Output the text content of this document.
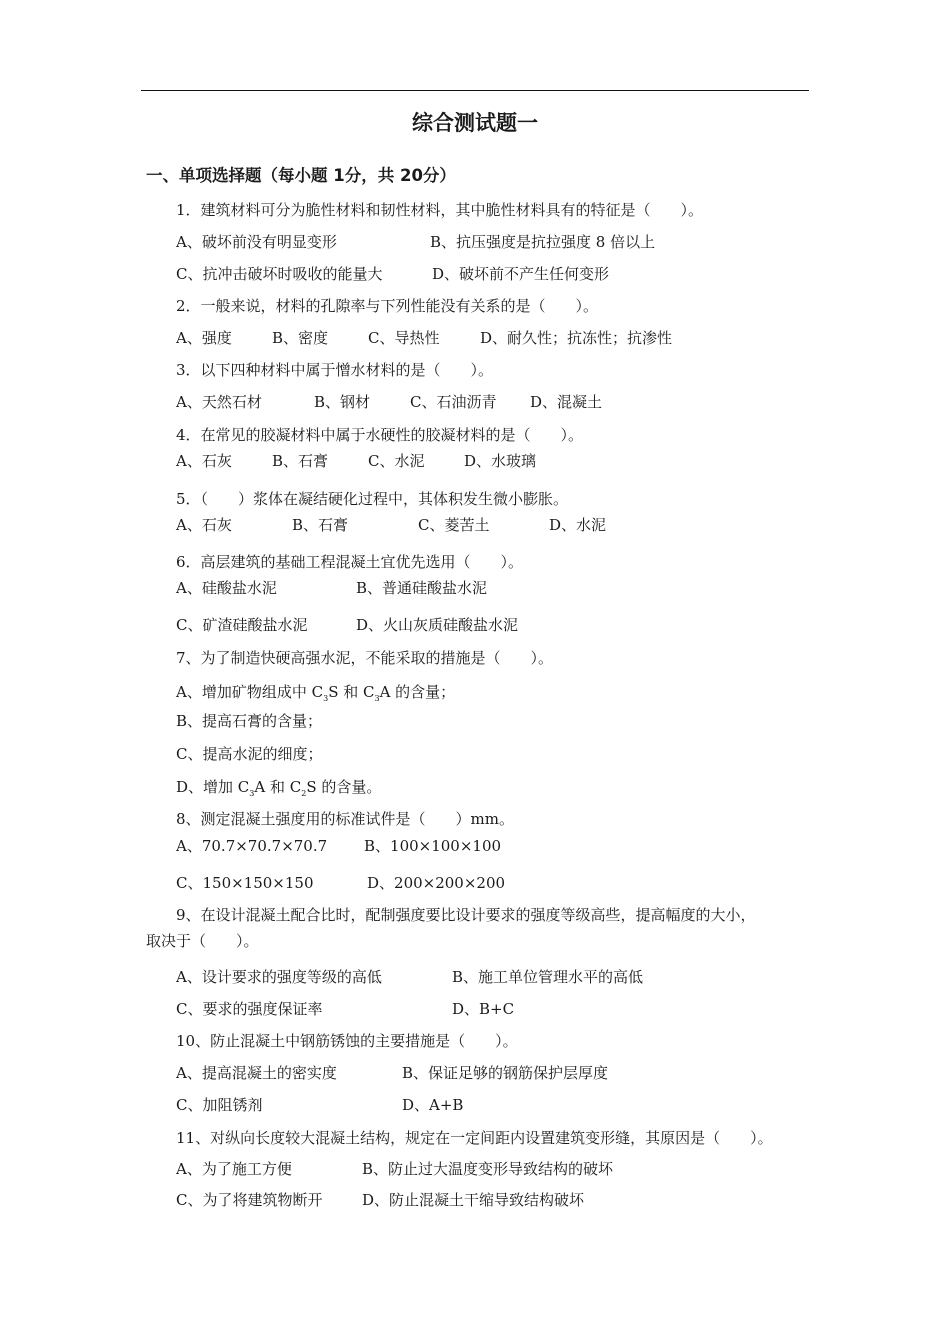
综合测试题一
一、单项选择题（每小题 1分，共 20分）
1．建筑材料可分为脆性材料和韧性材料，其中脆性材料具有的特征是（　　）。
A、破坏前没有明显变形	B、抗压强度是抗拉强度 8 倍以上
C、抗冲击破坏时吸收的能量大	D、破坏前不产生任何变形
2．一般来说，材料的孔隙率与下列性能没有关系的是（　　）。
A、强度	B、密度	C、导热性	D、耐久性；抗冻性；抗渗性
3．以下四种材料中属于憎水材料的是（　　）。
A、天然石材	B、钢材	C、石油沥青 D、混凝土
4．在常见的胶凝材料中属于水硬性的胶凝材料的是（　　）。
A、石灰	B、石膏	C、水泥	D、水玻璃
5．（　　）浆体在凝结硬化过程中，其体积发生微小膨胀。
A、石灰	B、石膏	C、菱苦土	D、水泥
6．高层建筑的基础工程混凝土宜优先选用（　　）。
A、硅酸盐水泥	B、普通硅酸盐水泥
C、矿渣硅酸盐水泥	D、火山灰质硅酸盐水泥
7、为了制造快硬高强水泥，不能采取的措施是（　　）。
A、增加矿物组成中 $C_3S$ 和 $C_3A$ 的含量；
B、提高石膏的含量；
C、提高水泥的细度；
D、增加 $C_3A$ 和 $C_2S$ 的含量。
8、测定混凝土强度用的标准试件是（　　）mm。
A、70.7×70.7×70.7 B、100×100×100
C、150×150×150	D、200×200×200
9、在设计混凝土配合比时，配制强度要比设计要求的强度等级高些，提高幅度的大小，
取决于（　　）。
A、设计要求的强度等级的高低	B、施工单位管理水平的高低
C、要求的强度保证率	D、B+C
10、防止混凝土中钢筋锈蚀的主要措施是（　　）。
A、提高混凝土的密实度	B、保证足够的钢筋保护层厚度
C、加阻锈剂	D、A+B
11、对纵向长度较大混凝土结构，规定在一定间距内设置建筑变形缝，其原因是（　　）。
A、为了施工方便	B、防止过大温度变形导致结构的破坏
C、为了将建筑物断开	D、防止混凝土干缩导致结构破坏
